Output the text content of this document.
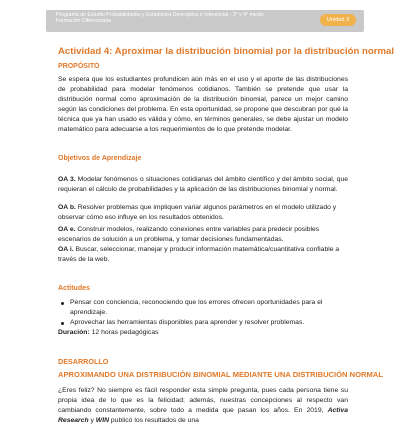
Programa de Estudio Probabilidades y Estadística Descriptiva e Inferencial - 3° y 4° medio
Formación Diferenciada	Unidad 3
Actividad 4: Aproximar la distribución binomial por la distribución normal
PROPÓSITO

Se espera que los estudiantes profundicen aún más en el uso y el aporte de las distribuciones de probabilidad para modelar fenómenos cotidianos. También se pretende que usar la distribución normal como aproximación de la distribución binomial, parece un mejor camino según las condiciones del problema. En esta oportunidad, se propone que descubran por qué la técnica que ya han usado es válida y cómo, en términos generales, se debe ajustar un modelo matemático para adecuarse a los requerimientos de lo que pretende modelar.

Objetivos de Aprendizaje

OA 3. Modelar fenómenos o situaciones cotidianas del ámbito científico y del ámbito social, que requieran el cálculo de probabilidades y la aplicación de las distribuciones binomial y normal.

OA b. Resolver problemas que impliquen variar algunos parámetros en el modelo utilizado y observar cómo eso influye en los resultados obtenidos.

OA e. Construir modelos, realizando conexiones entre variables para predecir posibles escenarios de solución a un problema, y tomar decisiones fundamentadas.

OA i. Buscar, seleccionar, manejar y producir información matemática/cuantitativa confiable a través de la web.

Actitudes
Pensar con conciencia, reconociendo que los errores ofrecen oportunidades para el aprendizaje.
Aprovechar las herramientas disponibles para aprender y resolver problemas.

Duración: 12 horas pedagógicas

DESARROLLO
APROXIMANDO UNA DISTRIBUCIÓN BINOMIAL MEDIANTE UNA DISTRIBUCIÓN NORMAL

¿Eres feliz? No siempre es fácil responder esta simple pregunta, pues cada persona tiene su propia idea de lo que es la felicidad; además, nuestras concepciones al respecto van cambiando constantemente, sobre todo a medida que pasan los años. En 2019, Activa Research y WIN publicó los resultados de una
